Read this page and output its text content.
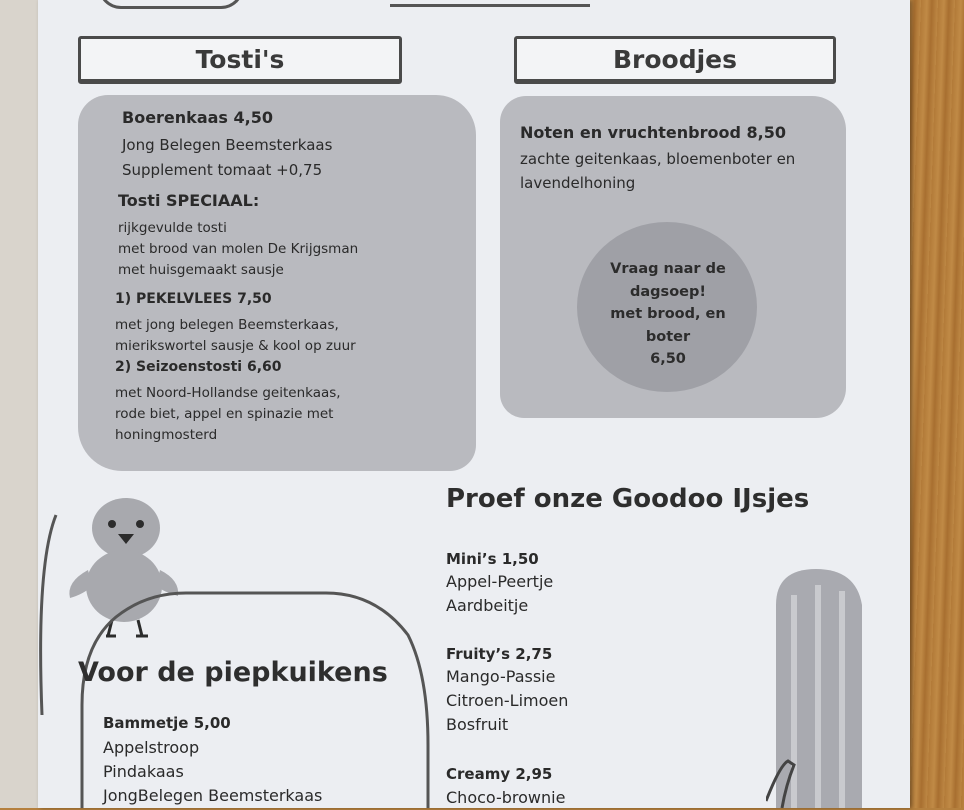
Tosti's
Boerenkaas 4,50
Jong Belegen Beemsterkaas
Supplement tomaat +0,75
Tosti SPECIAAL:
rijkgevulde tosti
met brood van molen De Krijgsman
met huisgemaakt sausje
1) PEKELVLEES 7,50
met jong belegen Beemsterkaas,
mierikswortel sausje & kool op zuur
2) Seizoenstosti 6,60
met Noord-Hollandse geitenkaas,
rode biet, appel en spinazie met
honingmosterd
Broodjes
Noten en vruchtenbrood 8,50
zachte geitenkaas, bloemenboter en
lavendelhoning
Vraag naar de
dagsoep!
met brood, en
boter
6,50
Proef onze Goodoo IJsjes
Mini’s 1,50
Appel-Peertje
Aardbeitje
Fruity’s 2,75
Mango-Passie
Citroen-Limoen
Bosfruit
Creamy 2,95
Choco-brownie
Voor de piepkuikens
Bammetje 5,00
Appelstroop
Pindakaas
JongBelegen Beemsterkaas
